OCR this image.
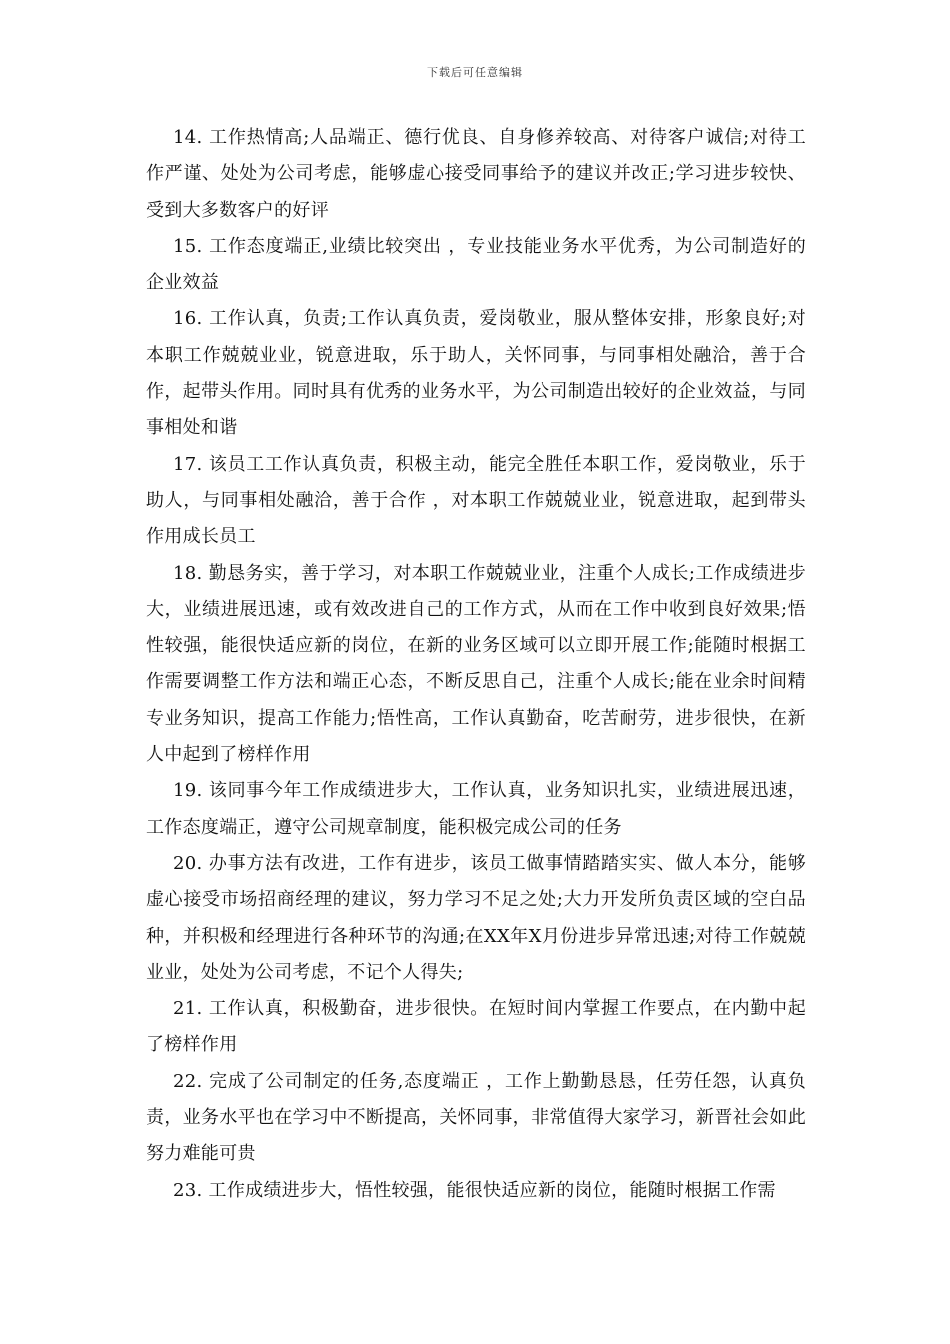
下载后可任意编辑

14. 工作热情高;人品端正、德行优良、自身修养较高、对待客户诚信;对待工作严谨、处处为公司考虑，能够虚心接受同事给予的建议并改正;学习进步较快、受到大多数客户的好评

15. 工作态度端正,业绩比较突出 ，专业技能业务水平优秀，为公司制造好的企业效益

16. 工作认真，负责;工作认真负责，爱岗敬业，服从整体安排，形象良好;对本职工作兢兢业业，锐意进取，乐于助人，关怀同事，与同事相处融洽，善于合作，起带头作用。同时具有优秀的业务水平，为公司制造出较好的企业效益，与同事相处和谐

17. 该员工工作认真负责，积极主动，能完全胜任本职工作，爱岗敬业，乐于助人，与同事相处融洽，善于合作 ，对本职工作兢兢业业，锐意进取，起到带头作用成长员工

18. 勤恳务实，善于学习，对本职工作兢兢业业，注重个人成长;工作成绩进步大，业绩进展迅速，或有效改进自己的工作方式，从而在工作中收到良好效果;悟性较强，能很快适应新的岗位，在新的业务区域可以立即开展工作;能随时根据工作需要调整工作方法和端正心态，不断反思自己，注重个人成长;能在业余时间精专业务知识，提高工作能力;悟性高，工作认真勤奋，吃苦耐劳，进步很快，在新人中起到了榜样作用

19. 该同事今年工作成绩进步大，工作认真，业务知识扎实，业绩进展迅速，工作态度端正，遵守公司规章制度，能积极完成公司的任务

20. 办事方法有改进，工作有进步，该员工做事情踏踏实实、做人本分，能够虚心接受市场招商经理的建议，努力学习不足之处;大力开发所负责区域的空白品种，并积极和经理进行各种环节的沟通;在XX年X月份进步异常迅速;对待工作兢兢业业，处处为公司考虑，不记个人得失;

21. 工作认真，积极勤奋，进步很快。在短时间内掌握工作要点，在内勤中起了榜样作用

22. 完成了公司制定的任务,态度端正 ，工作上勤勤恳恳，任劳任怨，认真负责，业务水平也在学习中不断提高，关怀同事，非常值得大家学习，新晋社会如此努力难能可贵

23. 工作成绩进步大，悟性较强，能很快适应新的岗位，能随时根据工作需
